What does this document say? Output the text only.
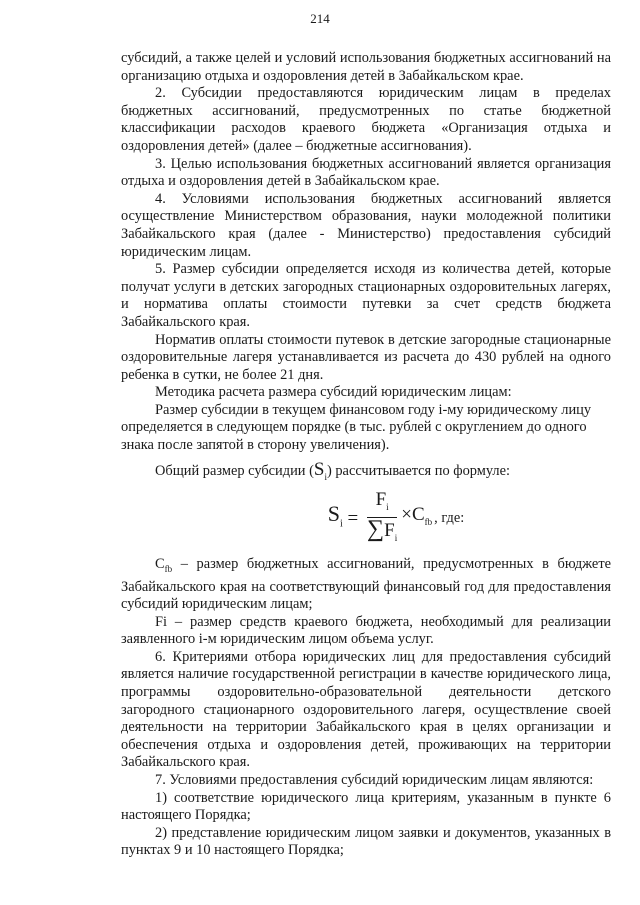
214

субсидий, а также целей и условий использования бюджетных ассигнований на организацию отдыха и оздоровления детей в Забайкальском крае.

2. Субсидии предоставляются юридическим лицам в пределах бюджетных ассигнований, предусмотренных по статье бюджетной классификации расходов краевого бюджета «Организация отдыха и оздоровления детей» (далее – бюджетные ассигнования).

3. Целью использования бюджетных ассигнований является организация отдыха и оздоровления детей в Забайкальском крае.

4. Условиями использования бюджетных ассигнований является осуществление Министерством образования, науки молодежной политики Забайкальского края (далее - Министерство) предоставления субсидий юридическим лицам.

5. Размер субсидии определяется исходя из количества детей, которые получат услуги в детских загородных стационарных оздоровительных лагерях, и норматива оплаты стоимости путевки за счет средств бюджета Забайкальского края.

Норматив оплаты стоимости путевок в детские загородные стационарные оздоровительные лагеря устанавливается из расчета до 430 рублей на одного ребенка в сутки, не более 21 дня.

Методика расчета размера субсидий юридическим лицам:

Размер субсидии в текущем финансовом году i-му юридическому лицу определяется в следующем порядке (в тыс. рублей с округлением до одного знака после запятой в сторону увеличения).

Общий размер субсидии $(S_i)$ рассчитывается по формуле:

$S_i = \frac{F_i}{\sum F_i} \times C_{fb}$ , где:

$C_{fb}$ – размер бюджетных ассигнований, предусмотренных в бюджете Забайкальского края на соответствующий финансовый год для предоставления субсидий юридическим лицам;

Fi – размер средств краевого бюджета, необходимый для реализации заявленного i-м юридическим лицом объема услуг.

6. Критериями отбора юридических лиц для предоставления субсидий является наличие государственной регистрации в качестве юридического лица, программы оздоровительно-образовательной деятельности детского загородного стационарного оздоровительного лагеря, осуществление своей деятельности на территории Забайкальского края в целях организации и обеспечения отдыха и оздоровления детей, проживающих на территории Забайкальского края.

7. Условиями предоставления субсидий юридическим лицам являются:

1) соответствие юридического лица критериям, указанным в пункте 6 настоящего Порядка;

2) представление юридическим лицом заявки и документов, указанных в пунктах 9 и 10 настоящего Порядка;
